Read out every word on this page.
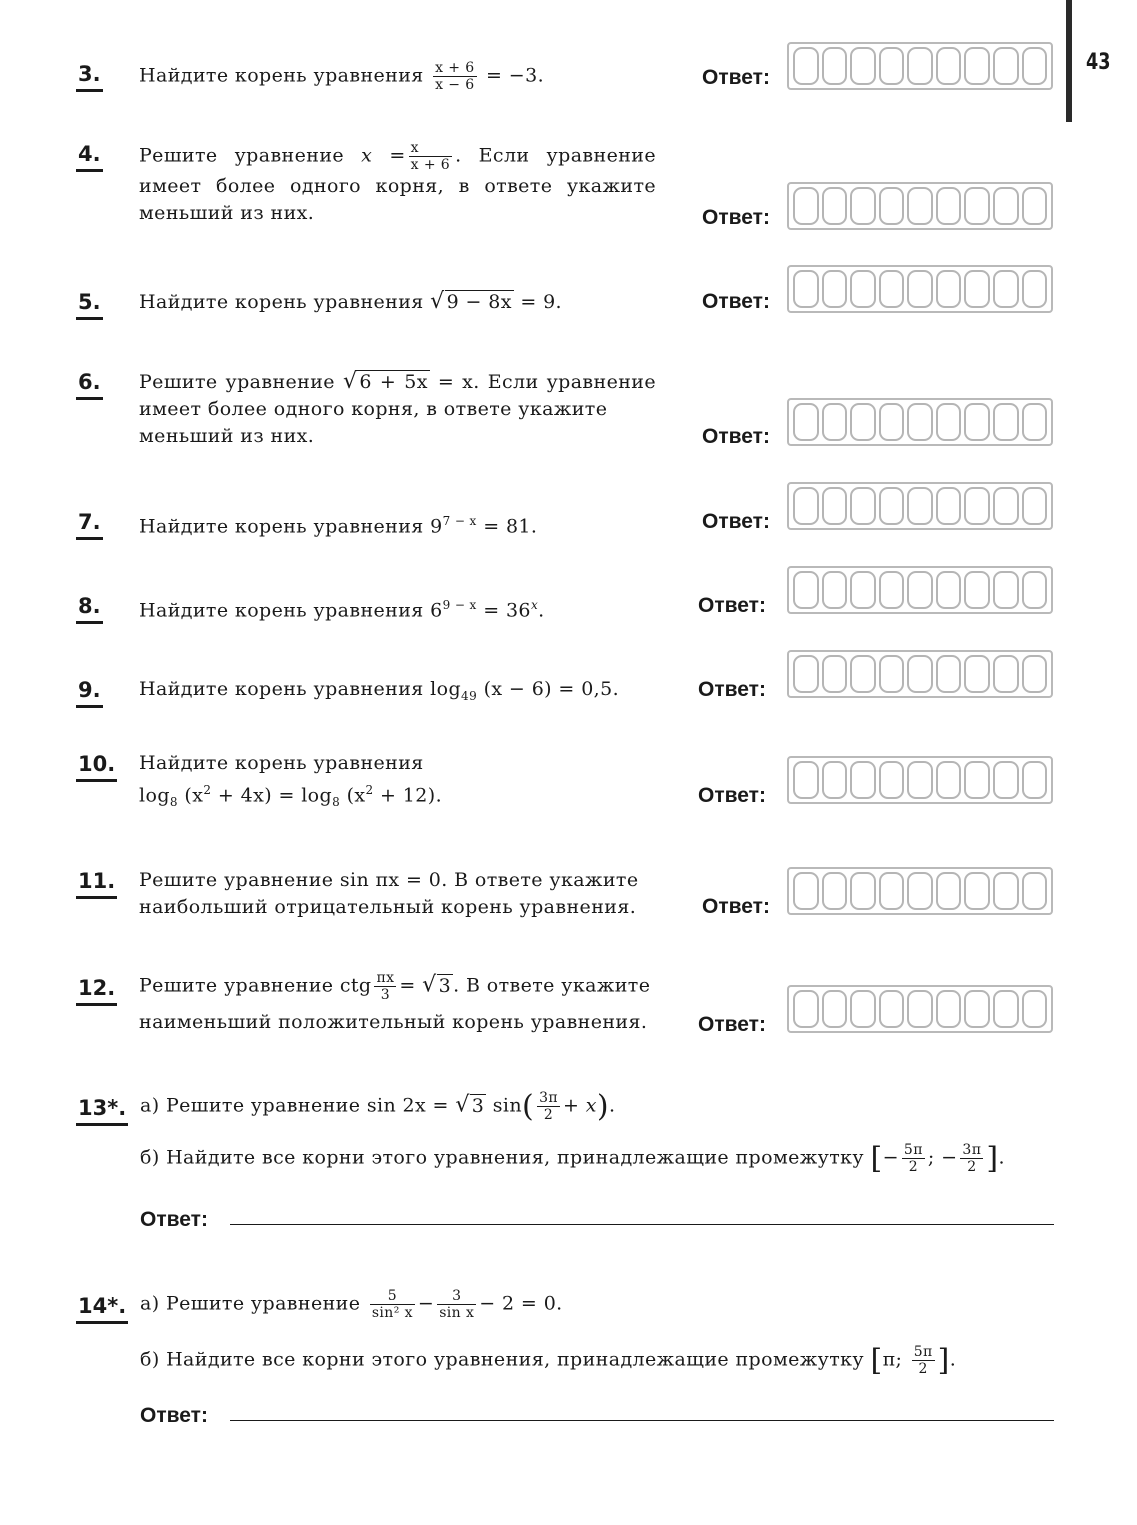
43
3. Найдите корень уравнения $\frac{x + 6}{x - 6} = -3$.	Ответ:
4. Решите уравнение $x = \frac{x}{x + 6}$ . Если уравнение
имеет более одного корня, в ответе укажите
меньший из них.	Ответ:
5. Найдите корень уравнения √ 9 − 8x = 9.	Ответ:
6. Решите уравнение √ 6 + 5x = x. Если уравнение
имеет более одного корня, в ответе укажите
меньший из них.	Ответ:
7. Найдите корень уравнения $9^{7 - x} = 81$.	Ответ:
8. Найдите корень уравнения $6^{9 - x} = 36^x$.	Ответ:
9. Найдите корень уравнения $\log_{49} (x - 6) = 0,5$.	Ответ:
10. Найдите корень уравнения
$\log_8 (x^2 + 4x) = \log_8 (x^2 + 12)$.	Ответ:
11. Решите уравнение sin πx = 0. В ответе укажите
наибольший отрицательный корень уравнения.	Ответ:
12. Решите уравнение ctg $\frac{\pi x}{3}$ = √ 3 . В ответе укажите
наименьший положительный корень уравнения.	Ответ:
13*. а) Решите уравнение sin 2x = √ 3 $\sin( \frac{3\pi}{2} + x)$.
б) Найдите все корни этого уравнения, принадлежащие промежутку [− $\frac{5\pi}{2}$ ; − $\frac{3\pi}{2}$ ].
Ответ:
14*. а) Решите уравнение $\frac{5}{\text{sin² x}} - \frac{3}{\text{sin x}} - 2 = 0$.
б) Найдите все корни этого уравнения, принадлежащие промежутку [π; $\frac{5\pi}{2}$ ].
Ответ:
